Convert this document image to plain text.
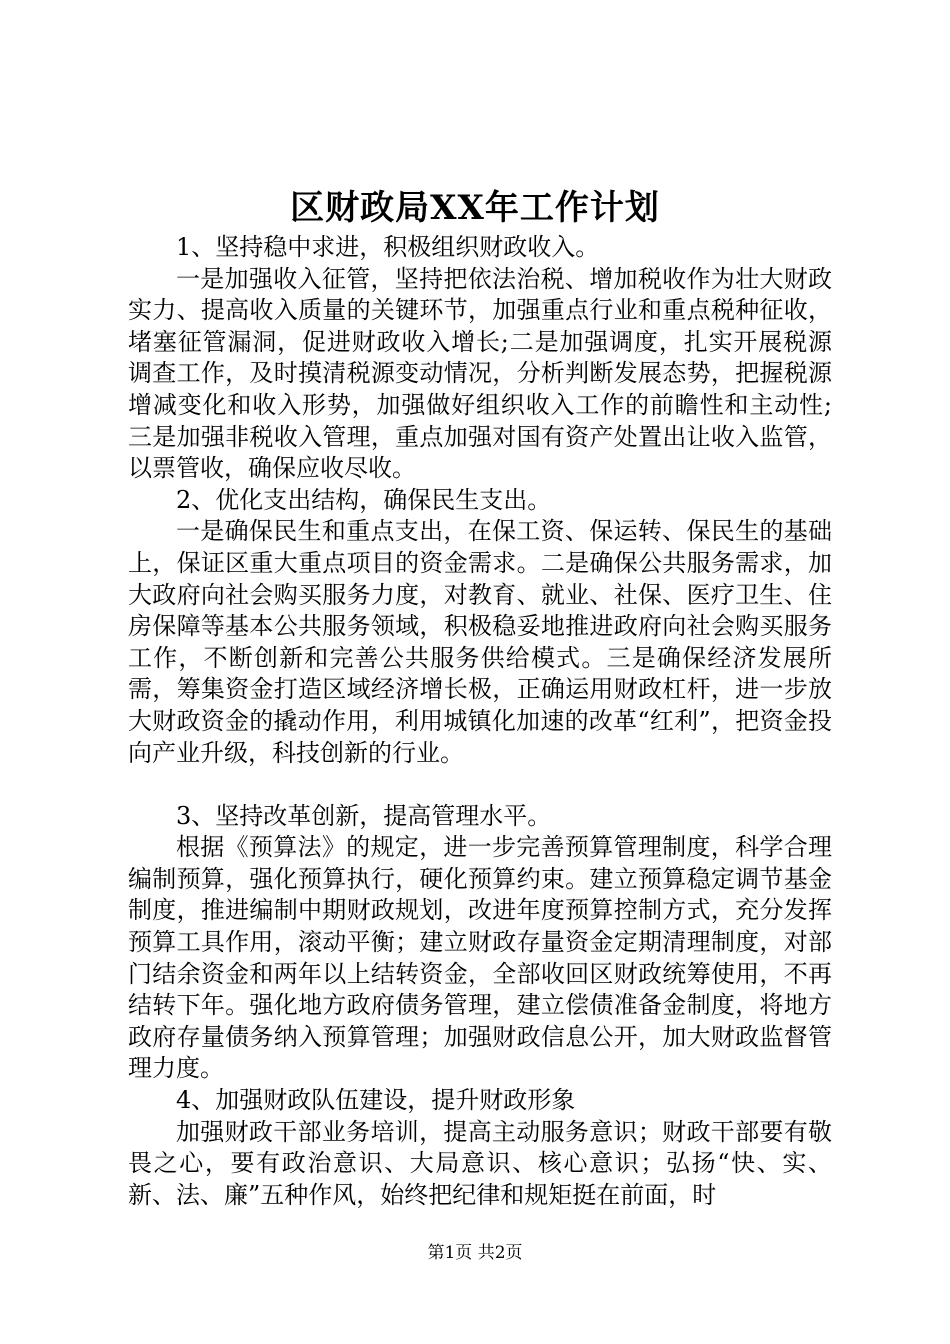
区财政局XX年工作计划

1、坚持稳中求进，积极组织财政收入。

一是加强收入征管，坚持把依法治税、增加税收作为壮大财政实力、提高收入质量的关键环节，加强重点行业和重点税种征收，堵塞征管漏洞，促进财政收入增长;二是加强调度，扎实开展税源调查工作，及时摸清税源变动情况，分析判断发展态势，把握税源增减变化和收入形势，加强做好组织收入工作的前瞻性和主动性;三是加强非税收入管理，重点加强对国有资产处置出让收入监管，以票管收，确保应收尽收。

2、优化支出结构，确保民生支出。

一是确保民生和重点支出，在保工资、保运转、保民生的基础上，保证区重大重点项目的资金需求。二是确保公共服务需求，加大政府向社会购买服务力度，对教育、就业、社保、医疗卫生、住房保障等基本公共服务领域，积极稳妥地推进政府向社会购买服务工作，不断创新和完善公共服务供给模式。三是确保经济发展所需，筹集资金打造区域经济增长极，正确运用财政杠杆，进一步放大财政资金的撬动作用，利用城镇化加速的改革“红利”，把资金投向产业升级，科技创新的行业。

3、坚持改革创新，提高管理水平。

根据《预算法》的规定，进一步完善预算管理制度，科学合理编制预算，强化预算执行，硬化预算约束。建立预算稳定调节基金制度，推进编制中期财政规划，改进年度预算控制方式，充分发挥预算工具作用，滚动平衡；建立财政存量资金定期清理制度，对部门结余资金和两年以上结转资金，全部收回区财政统筹使用，不再结转下年。强化地方政府债务管理，建立偿债准备金制度，将地方政府存量债务纳入预算管理；加强财政信息公开，加大财政监督管理力度。

4、加强财政队伍建设，提升财政形象

加强财政干部业务培训，提高主动服务意识；财政干部要有敬畏之心，要有政治意识、大局意识、核心意识；弘扬“快、实、新、法、廉”五种作风，始终把纪律和规矩挺在前面，时

第1页 共2页
